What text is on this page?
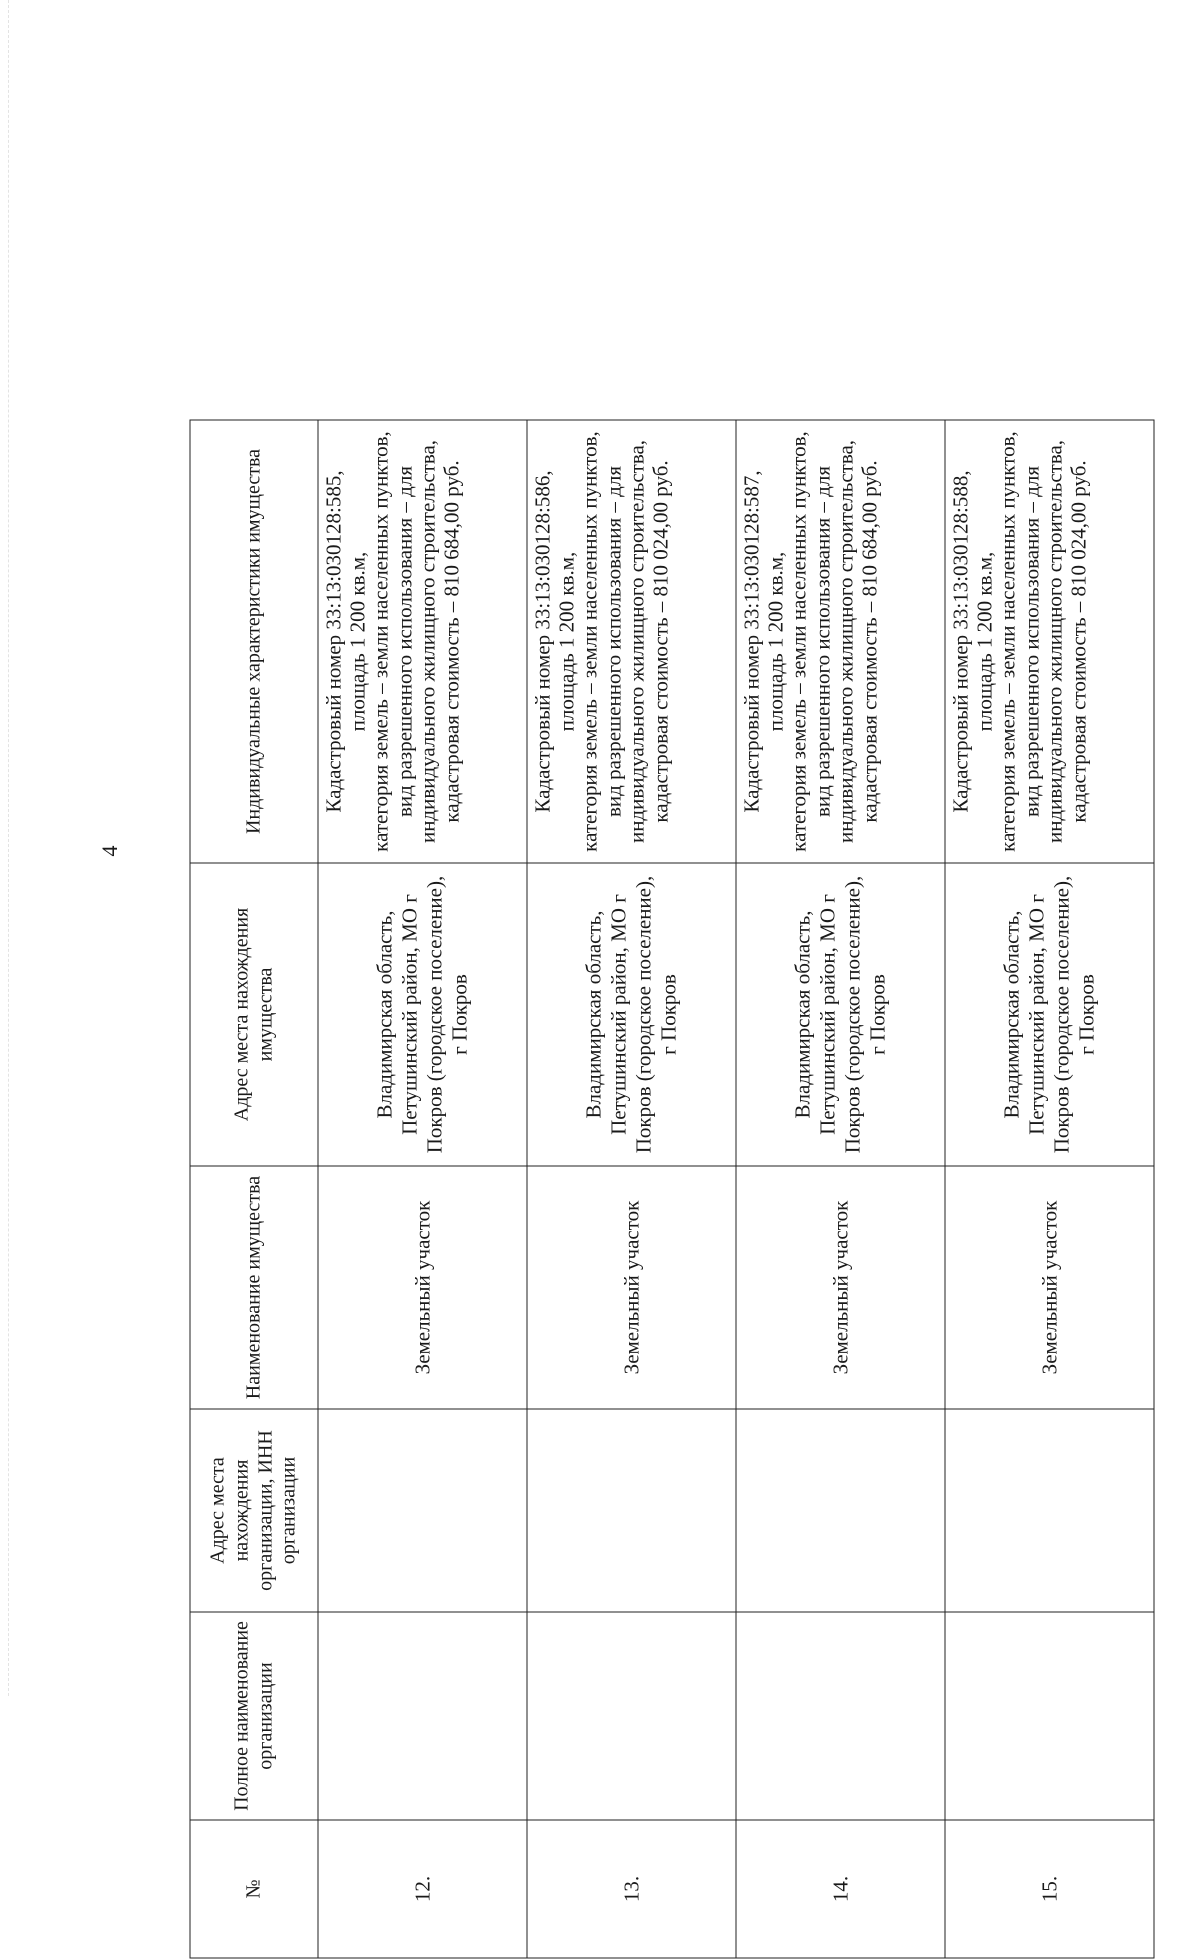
4
№	Полное наименование организации	Адрес места нахождения организации, ИНН организации	Наименование имущества	Адрес места нахождения имущества	Индивидуальные характеристики имущества
12.			Земельный участок	Владимирская область, Петушинский район, МО г Покров (городское поселение), г Покров	Кадастровый номер 33:13:030128:585, площадь 1 200 кв.м, категория земель – земли населенных пунктов, вид разрешенного использования – для индивидуального жилищного строительства, кадастровая стоимость – 810 684,00 руб.

13.			Земельный участок	Владимирская область, Петушинский район, МО г Покров (городское поселение), г Покров	Кадастровый номер 33:13:030128:586, площадь 1 200 кв.м, категория земель – земли населенных пунктов, вид разрешенного использования – для индивидуального жилищного строительства, кадастровая стоимость – 810 024,00 руб.

14.			Земельный участок	Владимирская область, Петушинский район, МО г Покров (городское поселение), г Покров	Кадастровый номер 33:13:030128:587, площадь 1 200 кв.м, категория земель – земли населенных пунктов, вид разрешенного использования – для индивидуального жилищного строительства, кадастровая стоимость – 810 684,00 руб.

15.			Земельный участок	Владимирская область, Петушинский район, МО г Покров (городское поселение), г Покров	Кадастровый номер 33:13:030128:588, площадь 1 200 кв.м, категория земель – земли населенных пунктов, вид разрешенного использования – для индивидуального жилищного строительства, кадастровая стоимость – 810 024,00 руб.
